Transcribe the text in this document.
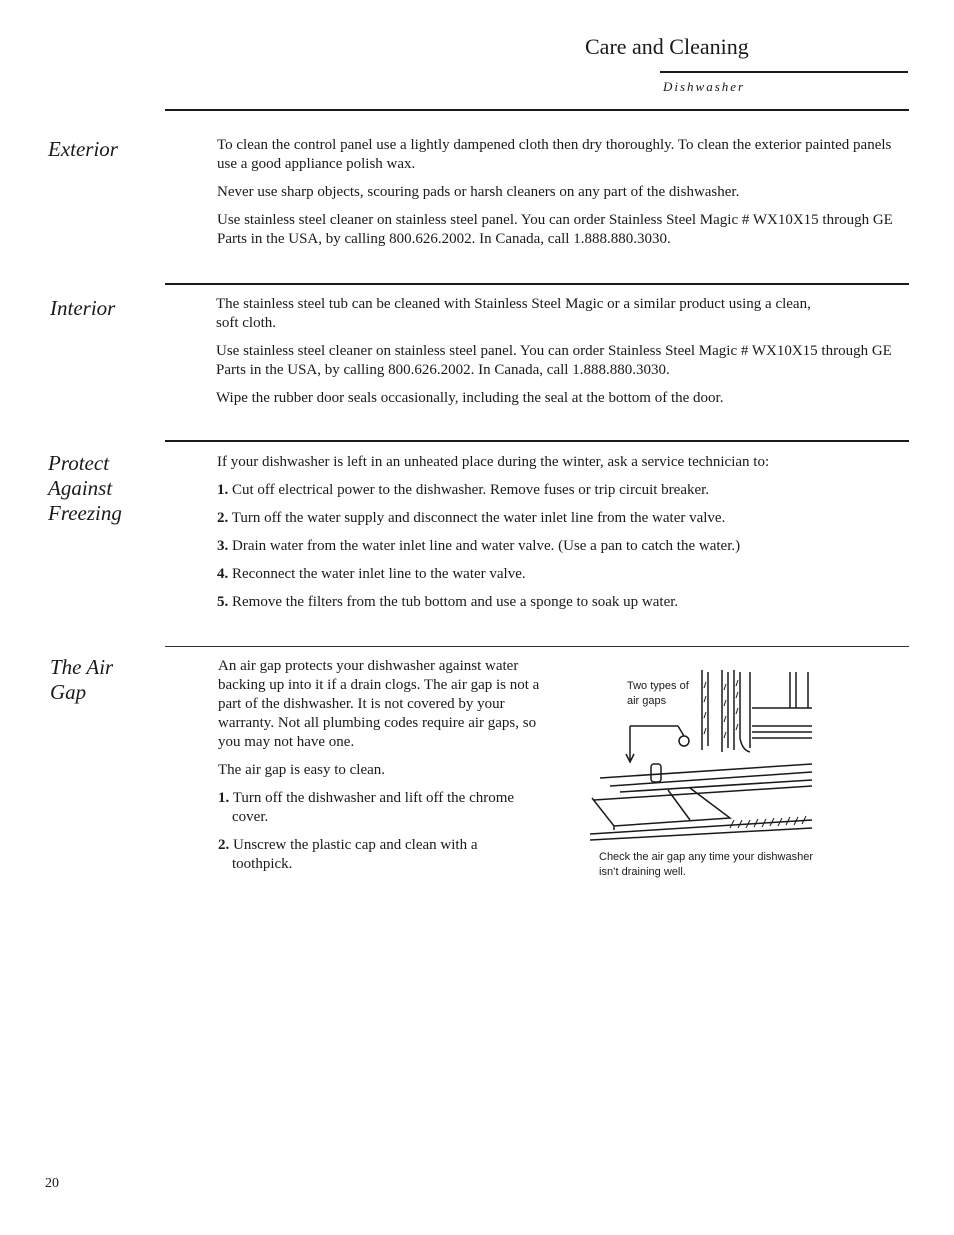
Care and Cleaning
Dishwasher
Exterior	To clean the control panel use a lightly dampened cloth then dry thoroughly. To clean the exterior painted panels use a good appliance polish wax.

Never use sharp objects, scouring pads or harsh cleaners on any part of the dishwasher.

Use stainless steel cleaner on stainless steel panel. You can order Stainless Steel Magic # WX10X15 through GE Parts in the USA, by calling 800.626.2002. In Canada, call 1.888.880.3030.

Interior	The stainless steel tub can be cleaned with Stainless Steel Magic or a similar product using a clean, soft cloth.

Use stainless steel cleaner on stainless steel panel. You can order Stainless Steel Magic # WX10X15 through GE Parts in the USA, by calling 800.626.2002. In Canada, call 1.888.880.3030.

Wipe the rubber door seals occasionally, including the seal at the bottom of the door.

Protect
Against
Freezing

If your dishwasher is left in an unheated place during the winter, ask a service technician to:

1. Cut off electrical power to the dishwasher. Remove fuses or trip circuit breaker.

2. Turn off the water supply and disconnect the water inlet line from the water valve.

3. Drain water from the water inlet line and water valve. (Use a pan to catch the water.)

4. Reconnect the water inlet line to the water valve.

5. Remove the filters from the tub bottom and use a sponge to soak up water.

The Air
Gap

An air gap protects your dishwasher against water backing up into it if a drain clogs. The air gap is not a part of the dishwasher. It is not covered by your warranty. Not all plumbing codes require air gaps, so you may not have one.

The air gap is easy to clean.

1. Turn off the dishwasher and lift off the chrome cover.

2. Unscrew the plastic cap and clean with a toothpick.

Two types of air gaps
Check the air gap any time your dishwasher isn’t draining well.
20
